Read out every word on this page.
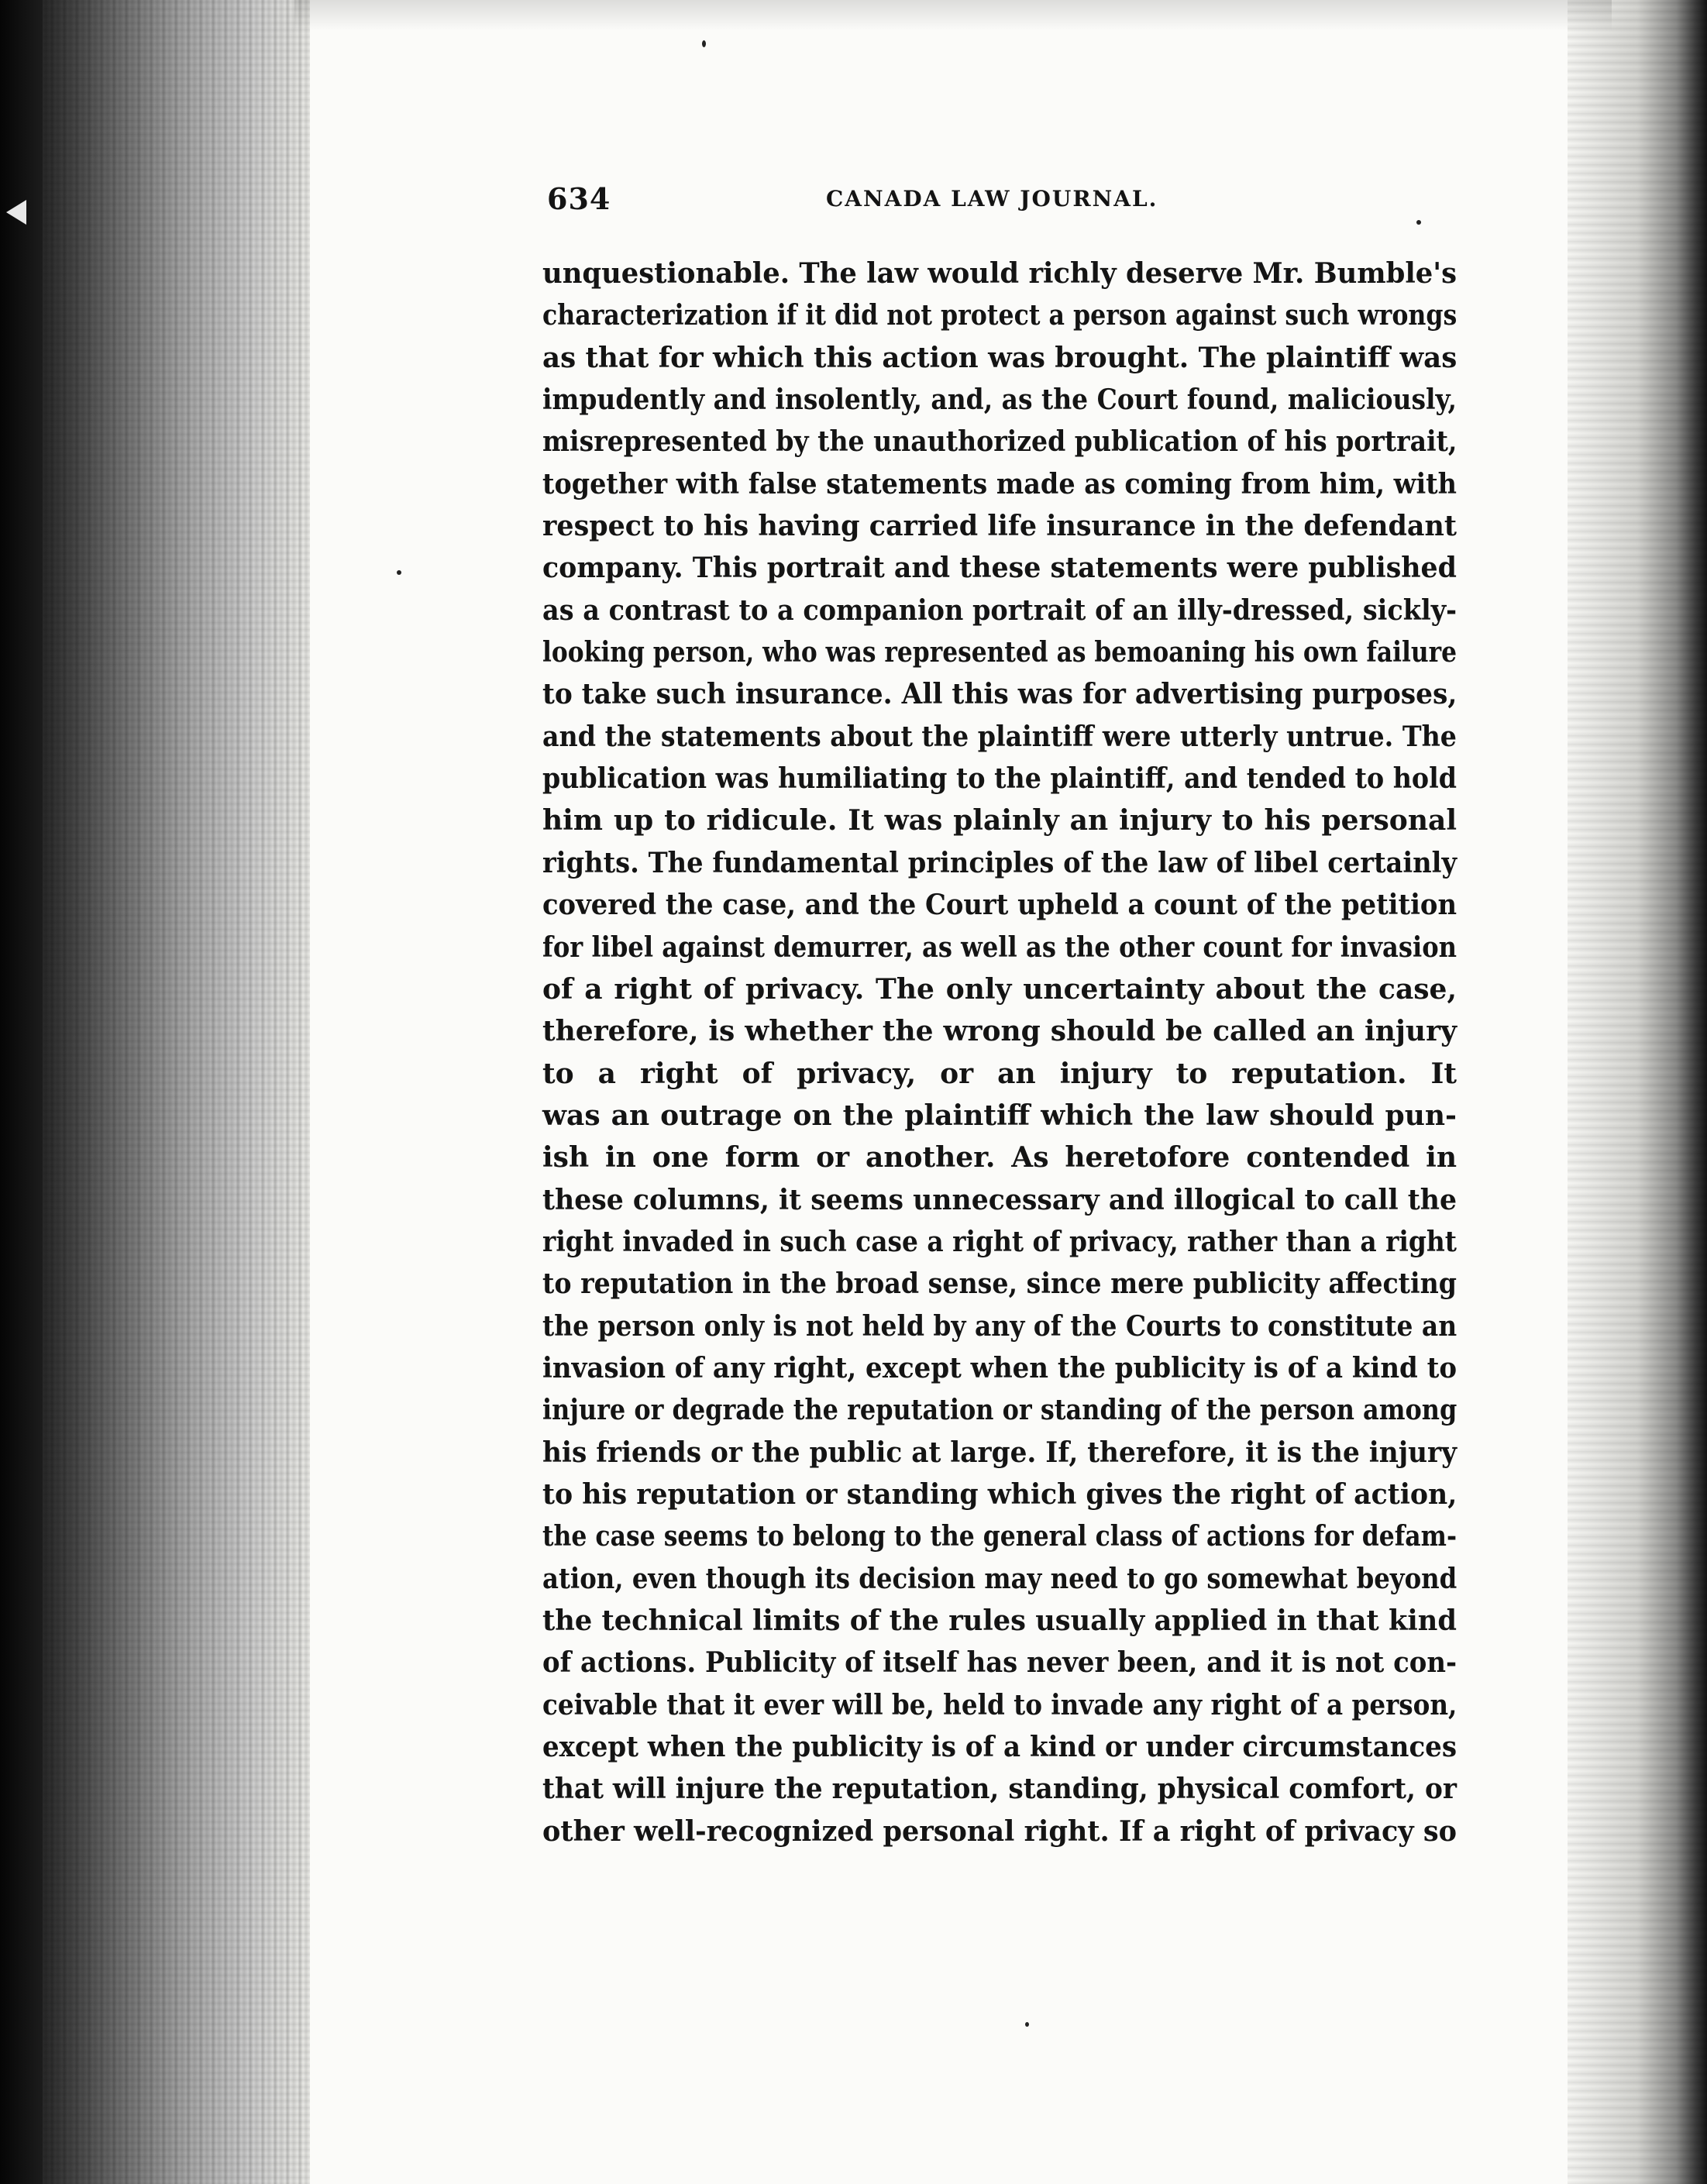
634	CANADA LAW JOURNAL.
unquestionable. The law would richly deserve Mr. Bumble'scharacterization if it did not protect a person against such wrongsas that for which this action was brought. The plaintiff wasimpudently and insolently, and, as the Court found, maliciously,misrepresented by the unauthorized publication of his portrait,together with false statements made as coming from him, withrespect to his having carried life insurance in the defendantcompany. This portrait and these statements were publishedas a contrast to a companion portrait of an illy-dressed, sickly-looking person, who was represented as bemoaning his own failureto take such insurance. All this was for advertising purposes,and the statements about the plaintiff were utterly untrue. Thepublication was humiliating to the plaintiff, and tended to hold
him up to ridicule. It was plainly an injury to his personal
rights. The fundamental principles of the law of libel certainlycovered the case, and the Court upheld a count of the petitionfor libel against demurrer, as well as the other count for invasion
of a right of privacy. The only uncertainty about the case,
therefore, is whether the wrong should be called an injury
to a right of privacy, or an injury to reputation. It
was an outrage on the plaintiff which the law should pun-
ish in one form or another. As heretofore contended in
these columns, it seems unnecessary and illogical to call theright invaded in such case a right of privacy, rather than a rightto reputation in the broad sense, since mere publicity affectingthe person only is not held by any of the Courts to constitute aninvasion of any right, except when the publicity is of a kind toinjure or degrade the reputation or standing of the person amonghis friends or the public at large. If, therefore, it is the injuryto his reputation or standing which gives the right of action,the case seems to belong to the general class of actions for defam-ation, even though its decision may need to go somewhat beyondthe technical limits of the rules usually applied in that kindof actions. Publicity of itself has never been, and it is not con-ceivable that it ever will be, held to invade any right of a person,except when the publicity is of a kind or under circumstancesthat will injure the reputation, standing, physical comfort, orother well-recognized personal right. If a right of privacy so
